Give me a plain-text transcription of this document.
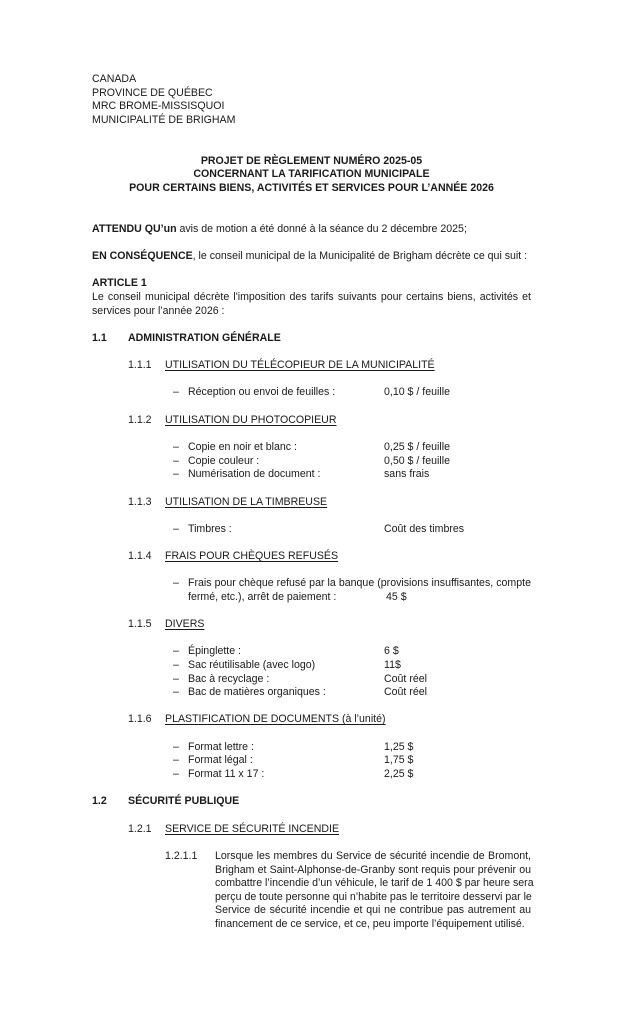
CANADA
PROVINCE DE QUÉBEC
MRC BROME-MISSISQUOI
MUNICIPALITÉ DE BRIGHAM
PROJET DE RÈGLEMENT NUMÉRO 2025-05
CONCERNANT LA TARIFICATION MUNICIPALE
POUR CERTAINS BIENS, ACTIVITÉS ET SERVICES POUR L’ANNÉE 2026
ATTENDU QU’un avis de motion a été donné à la séance du 2 décembre 2025;
EN CONSÉQUENCE, le conseil municipal de la Municipalité de Brigham décrète ce qui suit :
ARTICLE 1
Le conseil municipal décrète l'imposition des tarifs suivants pour certains biens, activités et
services pour l’année 2026 :
1.1 ADMINISTRATION GÉNÉRALE
1.1.1 UTILISATION DU TÉLÉCOPIEUR DE LA MUNICIPALITÉ
– Réception ou envoi de feuilles :	0,10 $ / feuille
1.1.2 UTILISATION DU PHOTOCOPIEUR
– Copie en noir et blanc :	0,25 $ / feuille
– Copie couleur :	0,50 $ / feuille
– Numérisation de document :	sans frais
1.1.3 UTILISATION DE LA TIMBREUSE
– Timbres :	Coût des timbres
1.1.4 FRAIS POUR CHÈQUES REFUSÉS
– Frais pour chèque refusé par la banque (provisions insuffisantes, compte
fermé, etc.), arrêt de paiement :	45 $
1.1.5 DIVERS
– Épinglette :	6 $
– Sac réutilisable (avec logo)	11$
– Bac à recyclage :	Coût réel
– Bac de matières organiques :	Coût réel
1.1.6 PLASTIFICATION DE DOCUMENTS (à l’unité)
– Format lettre :	1,25 $
– Format légal :	1,75 $
– Format 11 x 17 :	2,25 $
1.2 SÉCURITÉ PUBLIQUE
1.2.1 SERVICE DE SÉCURITÉ INCENDIE
1.2.1.1 Lorsque les membres du Service de sécurité incendie de Bromont,
Brigham et Saint-Alphonse-de-Granby sont requis pour prévenir ou
combattre l’incendie d’un véhicule, le tarif de 1 400 $ par heure sera
perçu de toute personne qui n’habite pas le territoire desservi par le
Service de sécurité incendie et qui ne contribue pas autrement au
financement de ce service, et ce, peu importe l’équipement utilisé.
